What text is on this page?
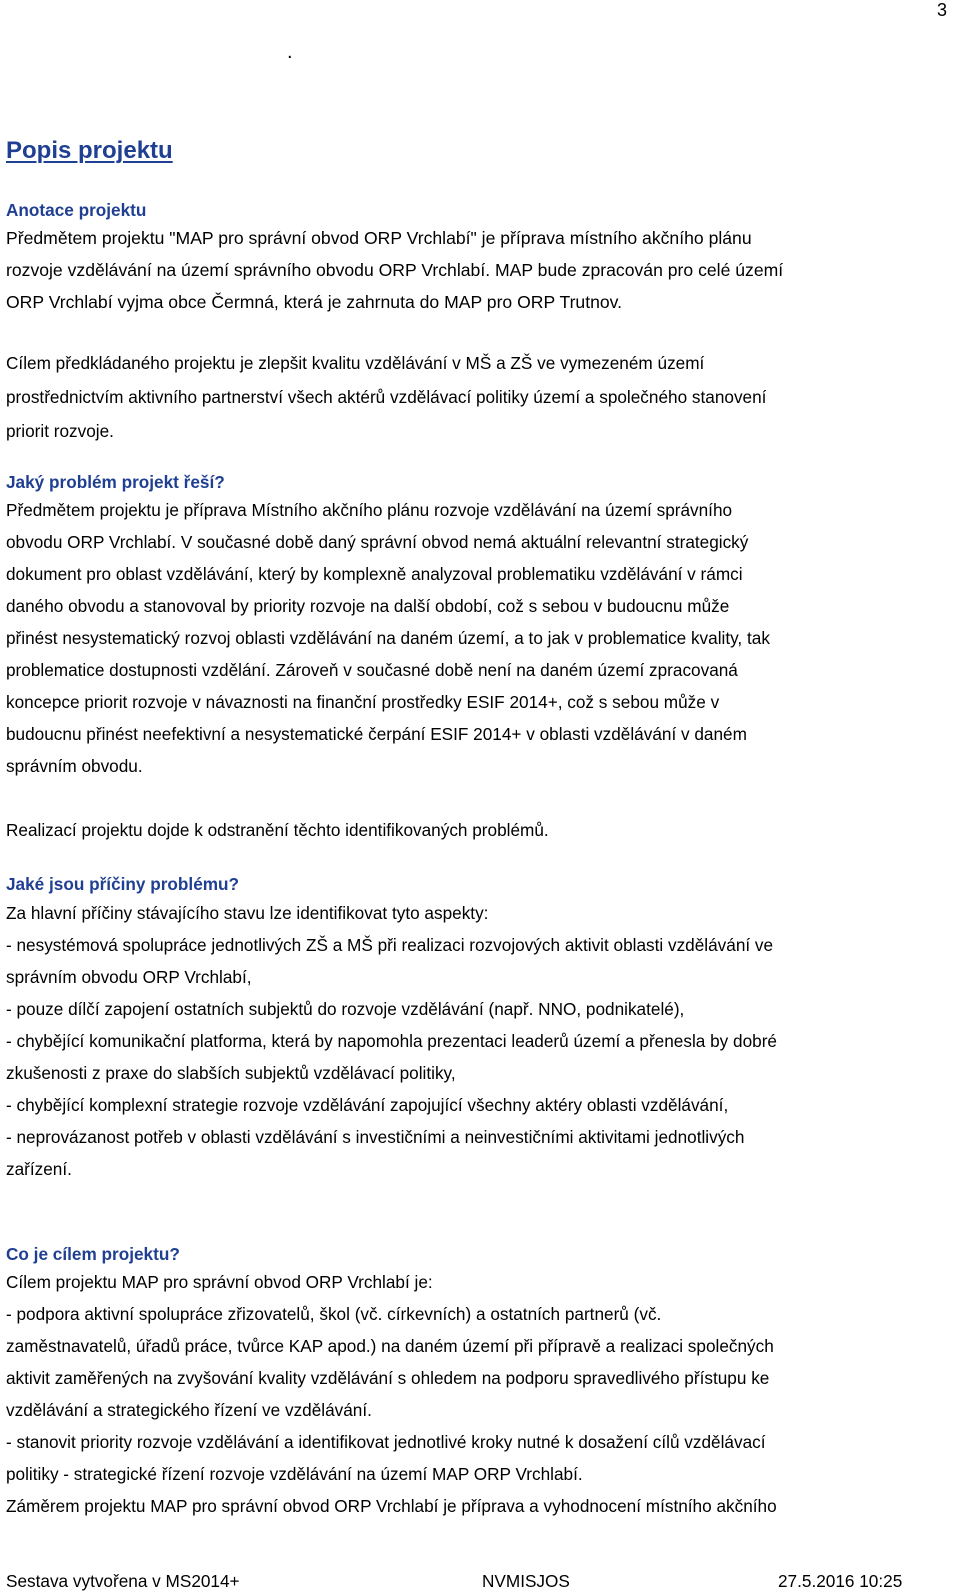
3
.
Popis projektu
Anotace projektu
Předmětem projektu "MAP pro správní obvod ORP Vrchlabí" je příprava místního akčního plánu
rozvoje vzdělávání na území správního obvodu ORP Vrchlabí. MAP bude zpracován pro celé území
ORP Vrchlabí vyjma obce Čermná, která je zahrnuta do MAP pro ORP Trutnov.
Cílem předkládaného projektu je zlepšit kvalitu vzdělávání v MŠ a ZŠ ve vymezeném území
prostřednictvím aktivního partnerství všech aktérů vzdělávací politiky území a společného stanovení
priorit rozvoje.
Jaký problém projekt řeší?
Předmětem projektu je příprava Místního akčního plánu rozvoje vzdělávání na území správního
obvodu ORP Vrchlabí. V současné době daný správní obvod nemá aktuální relevantní strategický
dokument pro oblast vzdělávání, který by komplexně analyzoval problematiku vzdělávání v rámci
daného obvodu a stanovoval by priority rozvoje na další období, což s sebou v budoucnu může
přinést nesystematický rozvoj oblasti vzdělávání na daném území, a to jak v problematice kvality, tak
problematice dostupnosti vzdělání. Zároveň v současné době není na daném území zpracovaná
koncepce priorit rozvoje v návaznosti na finanční prostředky ESIF 2014+, což s sebou může v
budoucnu přinést neefektivní a nesystematické čerpání ESIF 2014+ v oblasti vzdělávání v daném
správním obvodu.
Realizací projektu dojde k odstranění těchto identifikovaných problémů.
Jaké jsou příčiny problému?
Za hlavní příčiny stávajícího stavu lze identifikovat tyto aspekty:
- nesystémová spolupráce jednotlivých ZŠ a MŠ při realizaci rozvojových aktivit oblasti vzdělávání ve
správním obvodu ORP Vrchlabí,
- pouze dílčí zapojení ostatních subjektů do rozvoje vzdělávání (např. NNO, podnikatelé),
- chybějící komunikační platforma, která by napomohla prezentaci leaderů území a přenesla by dobré
zkušenosti z praxe do slabších subjektů vzdělávací politiky,
- chybějící komplexní strategie rozvoje vzdělávání zapojující všechny aktéry oblasti vzdělávání,
- neprovázanost potřeb v oblasti vzdělávání s investičními a neinvestičními aktivitami jednotlivých
zařízení.
Co je cílem projektu?
Cílem projektu MAP pro správní obvod ORP Vrchlabí je:
- podpora aktivní spolupráce zřizovatelů, škol (vč. církevních) a ostatních partnerů (vč.
zaměstnavatelů, úřadů práce, tvůrce KAP apod.) na daném území při přípravě a realizaci společných
aktivit zaměřených na zvyšování kvality vzdělávání s ohledem na podporu spravedlivého přístupu ke
vzdělávání a strategického řízení ve vzdělávání.
- stanovit priority rozvoje vzdělávání a identifikovat jednotlivé kroky nutné k dosažení cílů vzdělávací
politiky - strategické řízení rozvoje vzdělávání na území MAP ORP Vrchlabí.
Záměrem projektu MAP pro správní obvod ORP Vrchlabí je příprava a vyhodnocení místního akčního
Sestava vytvořena v MS2014+	NVMISJOS	27.5.2016 10:25
